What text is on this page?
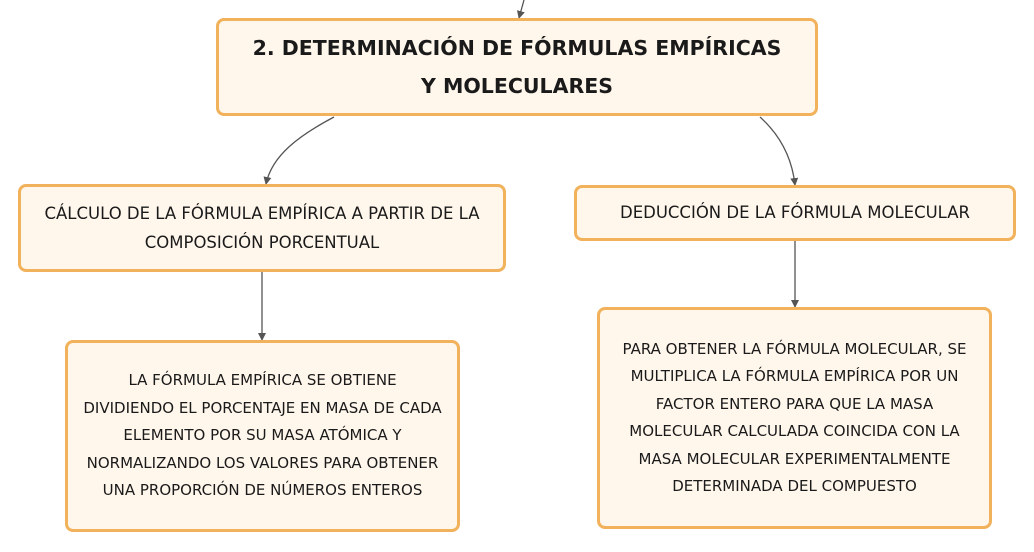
2. DETERMINACIÓN DE FÓRMULAS EMPÍRICAS Y MOLECULARES
CÁLCULO DE LA FÓRMULA EMPÍRICA A PARTIR DE LA COMPOSICIÓN PORCENTUAL
DEDUCCIÓN DE LA FÓRMULA MOLECULAR
LA FÓRMULA EMPÍRICA SE OBTIENE DIVIDIENDO EL PORCENTAJE EN MASA DE CADA ELEMENTO POR SU MASA ATÓMICA Y NORMALIZANDO LOS VALORES PARA OBTENER UNA PROPORCIÓN DE NÚMEROS ENTEROS
PARA OBTENER LA FÓRMULA MOLECULAR, SE MULTIPLICA LA FÓRMULA EMPÍRICA POR UN FACTOR ENTERO PARA QUE LA MASA MOLECULAR CALCULADA COINCIDA CON LA MASA MOLECULAR EXPERIMENTALMENTE DETERMINADA DEL COMPUESTO
